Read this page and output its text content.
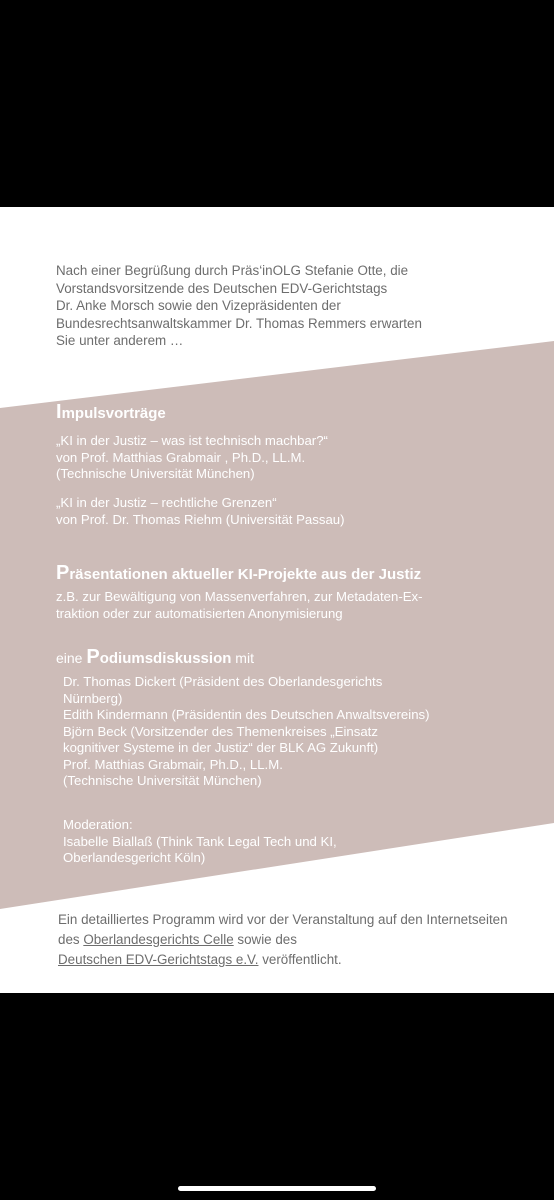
Nach einer Begrüßung durch Präs‘inOLG Stefanie Otte, die
Vorstandsvorsitzende des Deutschen EDV-Gerichtstags
Dr. Anke Morsch sowie den Vizepräsidenten der
Bundesrechtsanwaltskammer Dr. Thomas Remmers erwarten
Sie unter anderem …

Impulsvorträge

„KI in der Justiz – was ist technisch machbar?“
von Prof. Matthias Grabmair , Ph.D., LL.M.
(Technische Universität München)

„KI in der Justiz – rechtliche Grenzen“
von Prof. Dr. Thomas Riehm (Universität Passau)

Präsentationen aktueller KI-Projekte aus der Justiz

z.B. zur Bewältigung von Massenverfahren, zur Metadaten-Ex-
traktion oder zur automatisierten Anonymisierung

eine Podiumsdiskussion mit

Dr. Thomas Dickert (Präsident des Oberlandesgerichts
Nürnberg)
Edith Kindermann (Präsidentin des Deutschen Anwaltsvereins)
Björn Beck (Vorsitzender des Themenkreises „Einsatz
kognitiver Systeme in der Justiz“ der BLK AG Zukunft)
Prof. Matthias Grabmair, Ph.D., LL.M.
(Technische Universität München)

Moderation:
Isabelle Biallaß (Think Tank Legal Tech und KI,
Oberlandesgericht Köln)

Ein detailliertes Programm wird vor der Veranstaltung auf den Internetseiten des Oberlandesgerichts Celle sowie des
Deutschen EDV-Gerichtstags e.V. veröffentlicht.
